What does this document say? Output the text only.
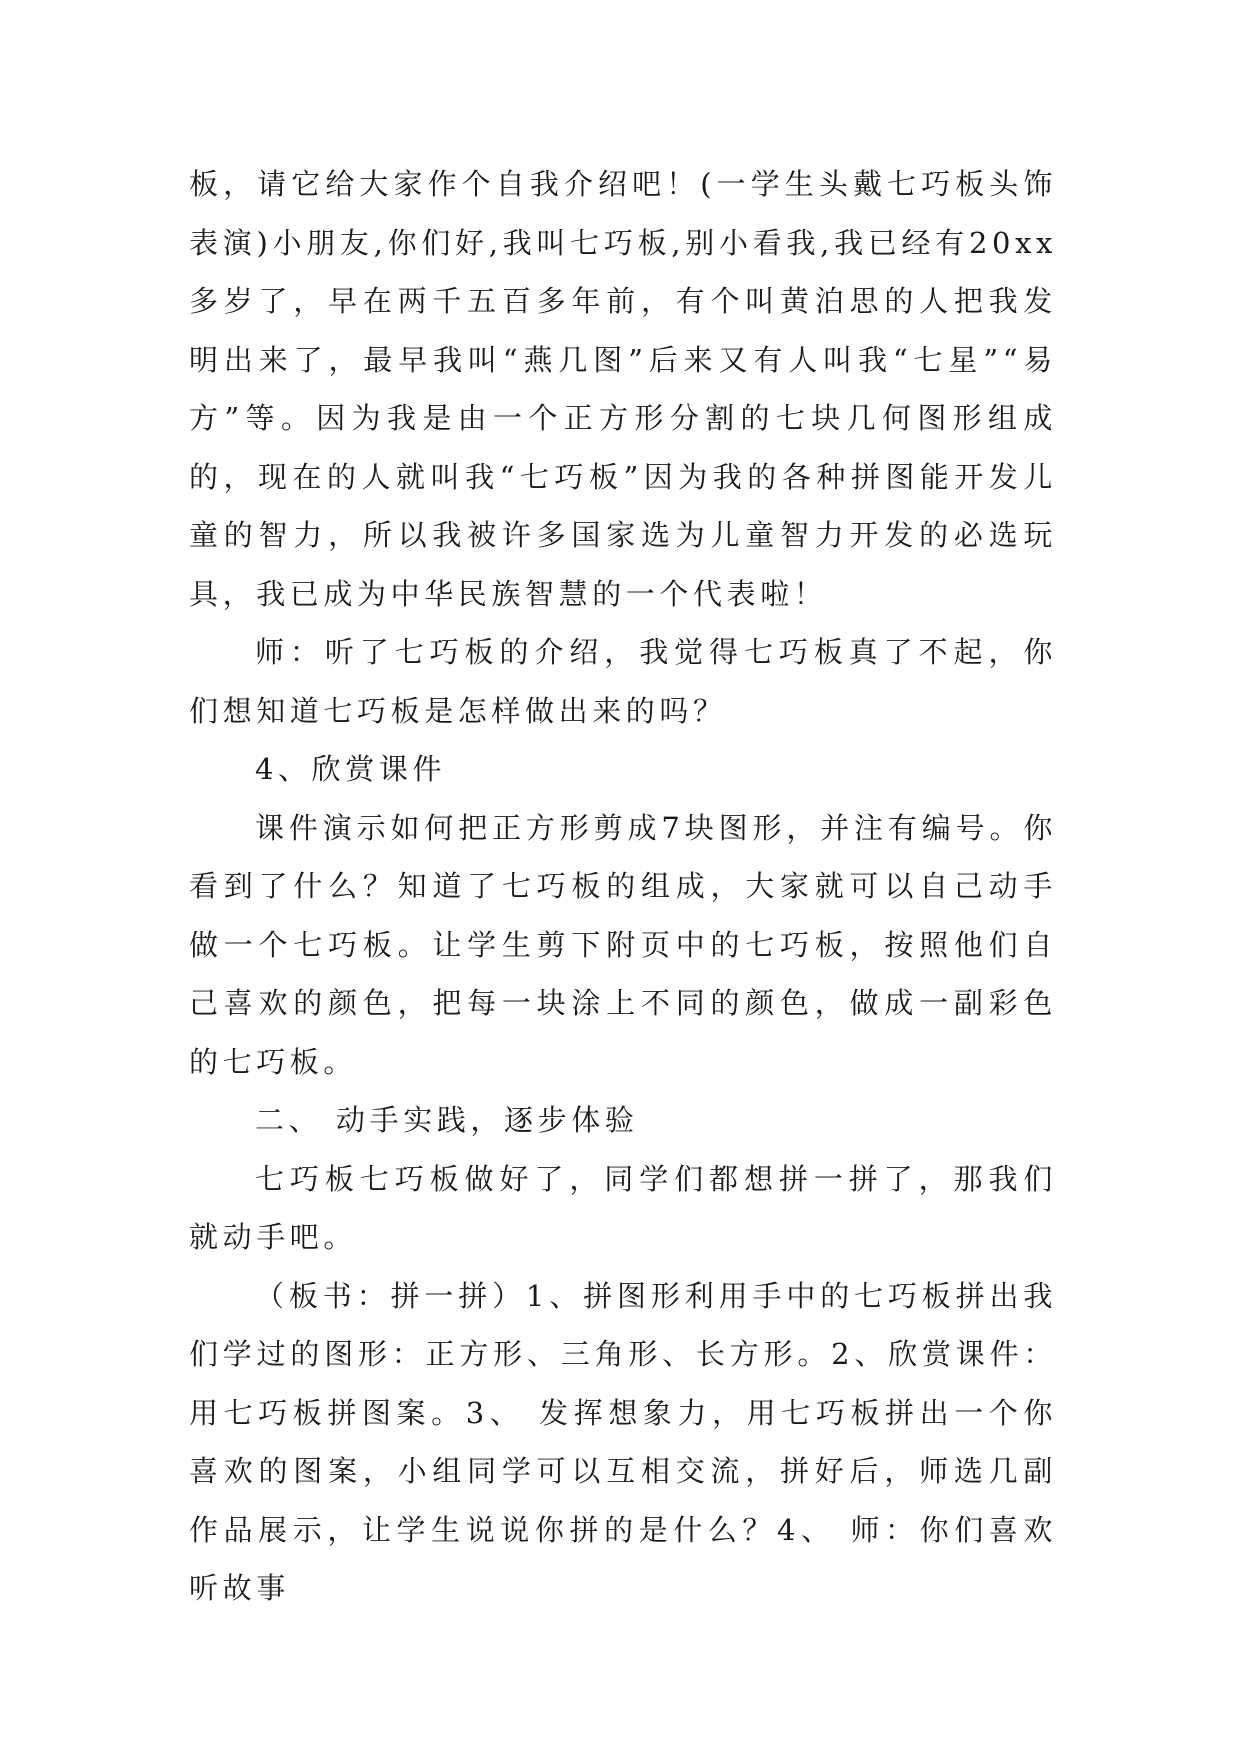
板，请它给大家作个自我介绍吧！(一学生头戴七巧板头饰表演)小朋友,你们好,我叫七巧板,别小看我,我已经有20xx多岁了，早在两千五百多年前，有个叫黄泊思的人把我发明出来了，最早我叫“燕几图”后来又有人叫我“七星”“易方”等。因为我是由一个正方形分割的七块几何图形组成的，现在的人就叫我“七巧板”因为我的各种拼图能开发儿童的智力，所以我被许多国家选为儿童智力开发的必选玩具，我已成为中华民族智慧的一个代表啦！

师：听了七巧板的介绍，我觉得七巧板真了不起，你们想知道七巧板是怎样做出来的吗？

4、欣赏课件

课件演示如何把正方形剪成7块图形，并注有编号。你看到了什么？知道了七巧板的组成，大家就可以自己动手做一个七巧板。让学生剪下附页中的七巧板，按照他们自己喜欢的颜色，把每一块涂上不同的颜色，做成一副彩色的七巧板。

二、 动手实践，逐步体验

七巧板七巧板做好了，同学们都想拼一拼了，那我们就动手吧。

（板书：拼一拼）1、拼图形利用手中的七巧板拼出我们学过的图形：正方形、三角形、长方形。2、欣赏课件：用七巧板拼图案。3、 发挥想象力，用七巧板拼出一个你喜欢的图案，小组同学可以互相交流，拼好后，师选几副作品展示，让学生说说你拼的是什么？4、 师：你们喜欢听故事
